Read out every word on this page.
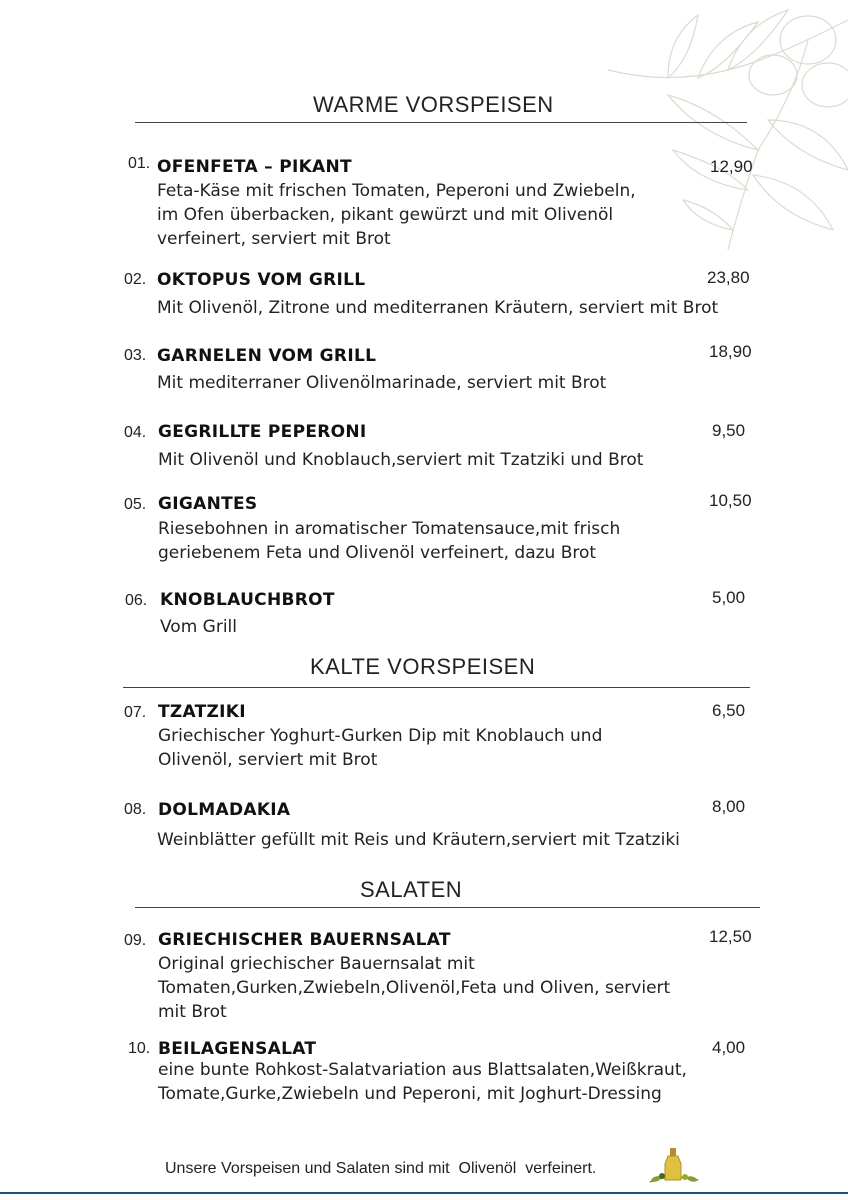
WARME VORSPEISEN
KALTE VORSPEISEN
SALATEN
01. OFENFETA – PIKANT	12,90
Feta-Käse mit frischen Tomaten, Peperoni und Zwiebeln,
im Ofen überbacken, pikant gewürzt und mit Olivenöl
verfeinert, serviert mit Brot
02. OKTOPUS VOM GRILL	23,80
Mit Olivenöl, Zitrone und mediterranen Kräutern, serviert mit Brot
03. GARNELEN VOM GRILL	18,90
Mit mediterraner Olivenölmarinade, serviert mit Brot
04. GEGRILLTE PEPERONI	9,50
Mit Olivenöl und Knoblauch,serviert mit Tzatziki und Brot
05. GIGANTES	10,50
Riesebohnen in aromatischer Tomatensauce,mit frisch
geriebenem Feta und Olivenöl verfeinert, dazu Brot
06. KNOBLAUCHBROT	5,00
Vom Grill
07. TZATZIKI	6,50
Griechischer Yoghurt-Gurken Dip mit Knoblauch und
Olivenöl, serviert mit Brot
08. DOLMADAKIA	8,00
Weinblätter gefüllt mit Reis und Kräutern,serviert mit Tzatziki
09. GRIECHISCHER BAUERNSALAT	12,50
Original griechischer Bauernsalat mit
Tomaten,Gurken,Zwiebeln,Olivenöl,Feta und Oliven, serviert
mit Brot
10. BEILAGENSALAT	4,00
eine bunte Rohkost-Salatvariation aus Blattsalaten,Weißkraut,
Tomate,Gurke,Zwiebeln und Peperoni, mit Joghurt-Dressing
Unsere Vorspeisen und Salaten sind mit  Olivenöl  verfeinert.
